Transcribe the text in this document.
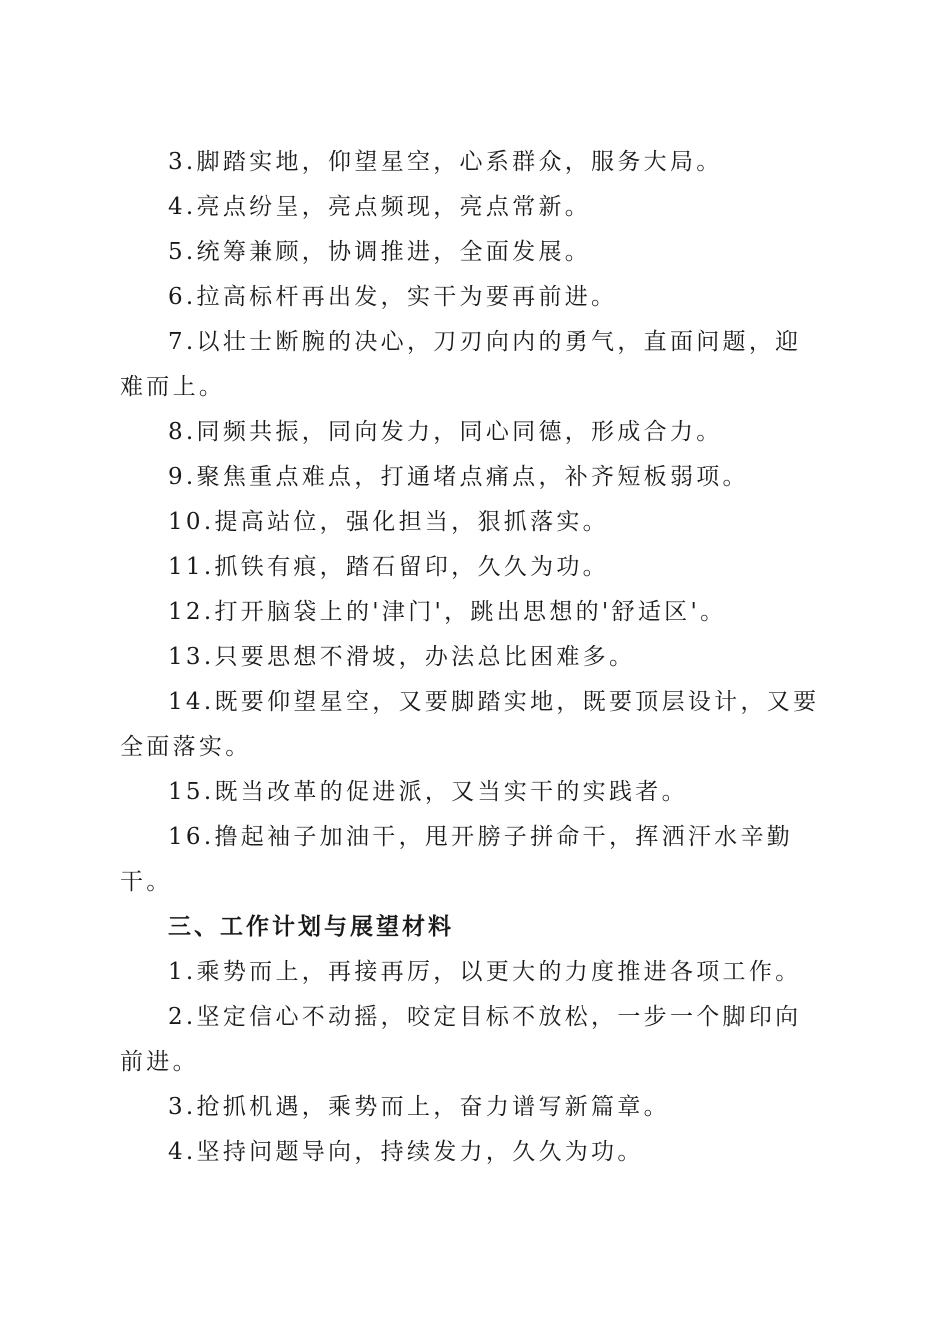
3.脚踏实地，仰望星空，心系群众，服务大局。

4.亮点纷呈，亮点频现，亮点常新。

5.统筹兼顾，协调推进，全面发展。

6.拉高标杆再出发，实干为要再前进。

7.以壮士断腕的决心，刀刃向内的勇气，直面问题，迎难而上。

8.同频共振，同向发力，同心同德，形成合力。

9.聚焦重点难点，打通堵点痛点，补齐短板弱项。

10.提高站位，强化担当，狠抓落实。

11.抓铁有痕，踏石留印，久久为功。

12.打开脑袋上的'津门'，跳出思想的'舒适区'。

13.只要思想不滑坡，办法总比困难多。

14.既要仰望星空，又要脚踏实地，既要顶层设计，又要全面落实。

15.既当改革的促进派，又当实干的实践者。

16.撸起袖子加油干，甩开膀子拼命干，挥洒汗水辛勤干。

三、工作计划与展望材料

1.乘势而上，再接再厉，以更大的力度推进各项工作。

2.坚定信心不动摇，咬定目标不放松，一步一个脚印向前进。

3.抢抓机遇，乘势而上，奋力谱写新篇章。

4.坚持问题导向，持续发力，久久为功。
